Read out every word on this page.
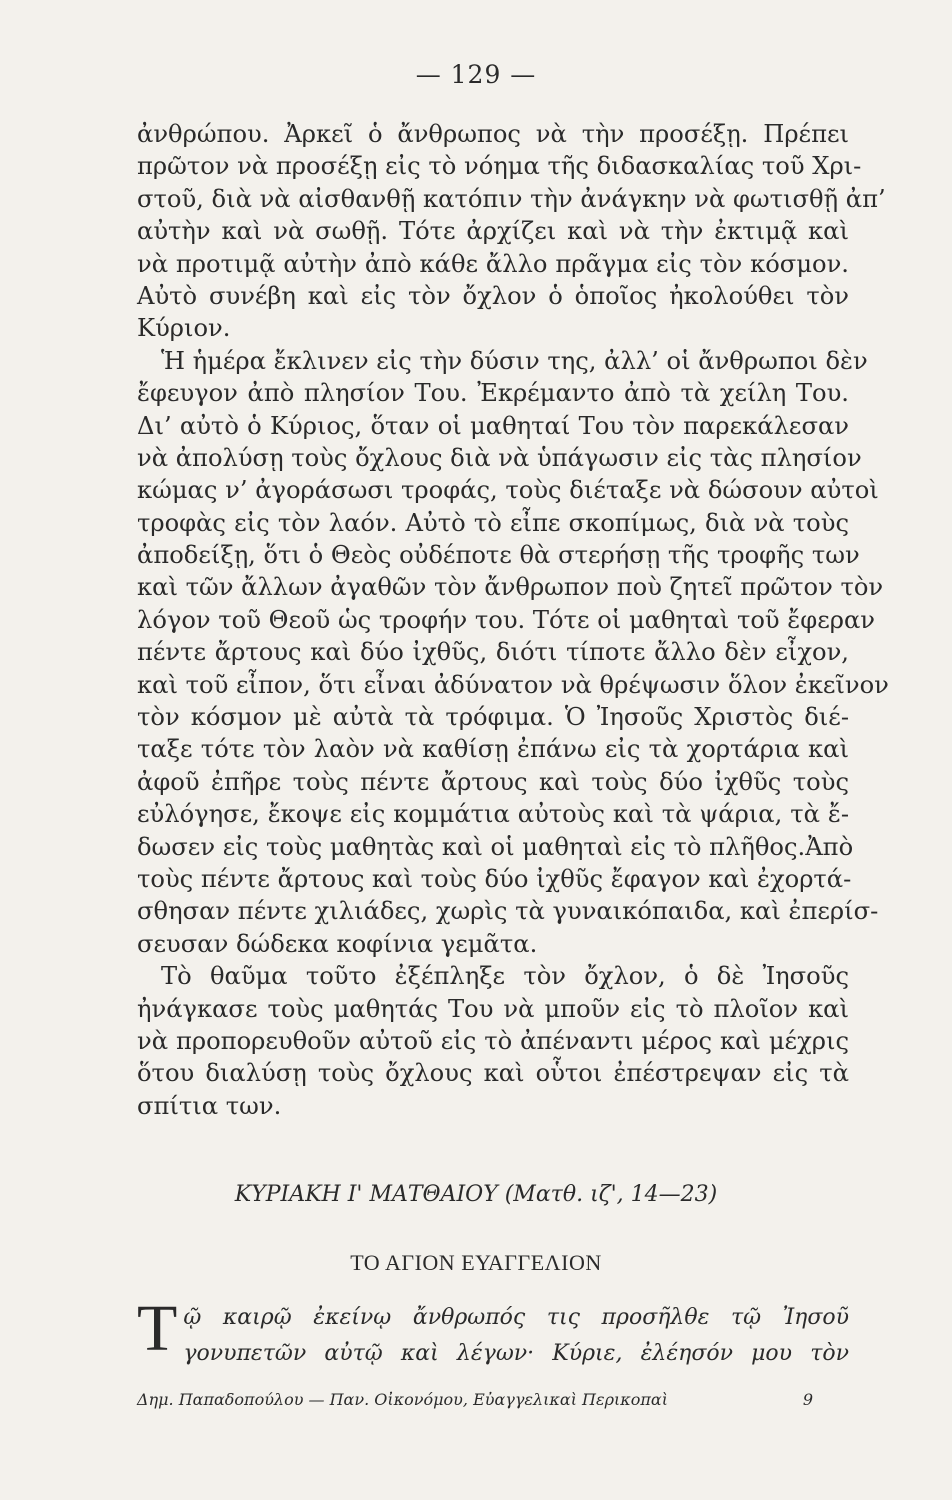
— 129 —
ἀνθρώπου. Ἀρκεῖ ὁ ἄνθρωπος νὰ τὴν προσέξῃ. Πρέπει
πρῶτον νὰ προσέξῃ εἰς τὸ νόημα τῆς διδασκαλίας τοῦ Χρι-
στοῦ, διὰ νὰ αἰσθανθῇ κατόπιν τὴν ἀνάγκην νὰ φωτισθῇ ἀπ’
αὐτὴν καὶ νὰ σωθῇ. Τότε ἀρχίζει καὶ νὰ τὴν ἐκτιμᾷ καὶ
νὰ προτιμᾷ αὐτὴν ἀπὸ κάθε ἄλλο πρᾶγμα εἰς τὸν κόσμον.
Αὐτὸ συνέβη καὶ εἰς τὸν ὄχλον ὁ ὁποῖος ἠκολούθει τὸν
Κύριον.
Ἡ ἡμέρα ἔκλινεν εἰς τὴν δύσιν της, ἀλλ’ οἱ ἄνθρωποι δὲν
ἔφευγον ἀπὸ πλησίον Του. Ἐκρέμαντο ἀπὸ τὰ χείλη Του.
Δι’ αὐτὸ ὁ Κύριος, ὅταν οἱ μαθηταί Του τὸν παρεκάλεσαν
νὰ ἀπολύσῃ τοὺς ὄχλους διὰ νὰ ὑπάγωσιν εἰς τὰς πλησίον
κώμας ν’ ἀγοράσωσι τροφάς, τοὺς διέταξε νὰ δώσουν αὐτοὶ
τροφὰς εἰς τὸν λαόν. Αὐτὸ τὸ εἶπε σκοπίμως, διὰ νὰ τοὺς
ἀποδείξῃ, ὅτι ὁ Θεὸς οὐδέποτε θὰ στερήσῃ τῆς τροφῆς των
καὶ τῶν ἄλλων ἀγαθῶν τὸν ἄνθρωπον ποὺ ζητεῖ πρῶτον τὸν
λόγον τοῦ Θεοῦ ὡς τροφήν του. Τότε οἱ μαθηταὶ τοῦ ἔφεραν
πέντε ἄρτους καὶ δύο ἰχθῦς, διότι τίποτε ἄλλο δὲν εἶχον,
καὶ τοῦ εἶπον, ὅτι εἶναι ἀδύνατον νὰ θρέψωσιν ὅλον ἐκεῖνον
τὸν κόσμον μὲ αὐτὰ τὰ τρόφιμα. Ὁ Ἰησοῦς Χριστὸς διέ-
ταξε τότε τὸν λαὸν νὰ καθίσῃ ἐπάνω εἰς τὰ χορτάρια καὶ
ἀφοῦ ἐπῆρε τοὺς πέντε ἄρτους καὶ τοὺς δύο ἰχθῦς τοὺς
εὐλόγησε, ἔκοψε εἰς κομμάτια αὐτοὺς καὶ τὰ ψάρια, τὰ ἔ-
δωσεν εἰς τοὺς μαθητὰς καὶ οἱ μαθηταὶ εἰς τὸ πλῆθος.Ἀπὸ
τοὺς πέντε ἄρτους καὶ τοὺς δύο ἰχθῦς ἔφαγον καὶ ἐχορτά-
σθησαν πέντε χιλιάδες, χωρὶς τὰ γυναικόπαιδα, καὶ ἐπερίσ-
σευσαν δώδεκα κοφίνια γεμᾶτα.
Τὸ θαῦμα τοῦτο ἐξέπληξε τὸν ὄχλον, ὁ δὲ Ἰησοῦς
ἠνάγκασε τοὺς μαθητάς Του νὰ μποῦν εἰς τὸ πλοῖον καὶ
νὰ προπορευθοῦν αὐτοῦ εἰς τὸ ἀπέναντι μέρος καὶ μέχρις
ὅτου διαλύσῃ τοὺς ὄχλους καὶ οὗτοι ἐπέστρεψαν εἰς τὰ
σπίτια των.
ΚΥΡΙΑΚΗ Ι' ΜΑΤΘΑΙΟΥ (Ματθ. ιζ', 14—23)
ΤΟ ΑΓΙΟΝ ΕΥΑΓΓΕΛΙΟΝ
Τ ῷ καιρῷ ἐκείνῳ ἄνθρωπός τις προσῆλθε τῷ Ἰησοῦ
γονυπετῶν αὐτῷ καὶ λέγων· Κύριε, ἐλέησόν μου τὸν
Δημ. Παπαδοπούλου — Παν. Οἰκονόμου, Εὐαγγελικαὶ Περικοπαὶ	9
